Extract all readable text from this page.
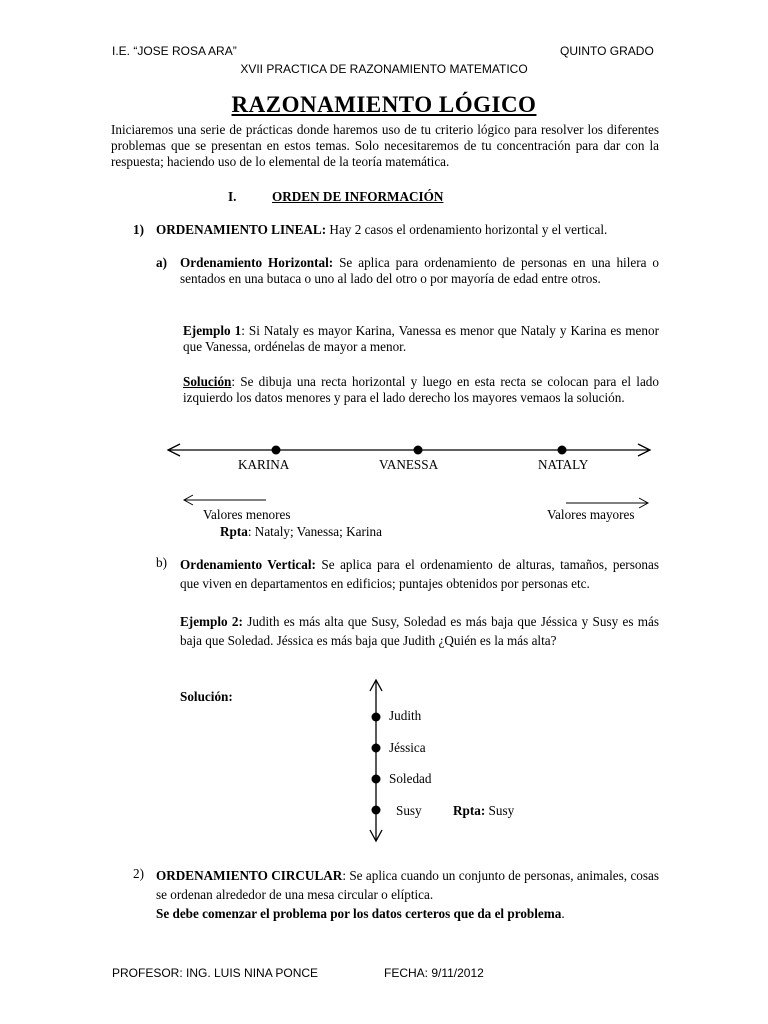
I.E. “JOSE ROSA ARA”	QUINTO GRADO
XVII PRACTICA DE RAZONAMIENTO MATEMATICO
RAZONAMIENTO LÓGICO
Iniciaremos una serie de prácticas donde haremos uso de tu criterio lógico para resolver los diferentes problemas que se presentan en estos temas. Solo necesitaremos de tu concentración para dar con la respuesta; haciendo uso de lo elemental de la teoría matemática.
I.	ORDEN DE INFORMACIÓN
1) ORDENAMIENTO LINEAL: Hay 2 casos el ordenamiento horizontal y el vertical.
a) Ordenamiento Horizontal: Se aplica para ordenamiento de personas en una hilera o sentados en una butaca o uno al lado del otro o por mayoría de edad entre otros.
Ejemplo 1: Si Nataly es mayor Karina, Vanessa es menor que Nataly y Karina es menor que Vanessa, ordénelas de mayor a menor.
Solución: Se dibuja una recta horizontal y luego en esta recta se colocan para el lado izquierdo los datos menores y para el lado derecho los mayores vemaos la solución.
KARINA	VANESSA	NATALY
Valores menores	Valores mayores
Rpta: Nataly; Vanessa; Karina
b) Ordenamiento Vertical: Se aplica para el ordenamiento de alturas, tamaños, personas que viven en departamentos en edificios; puntajes obtenidos por personas etc.
Ejemplo 2: Judith es más alta que Susy, Soledad es más baja que Jéssica y Susy es más baja que Soledad. Jéssica es más baja que Judith ¿Quién es la más alta?
Solución:
Judith
Jéssica
Soledad
Susy Rpta: Susy
2) ORDENAMIENTO CIRCULAR: Se aplica cuando un conjunto de personas, animales, cosas se ordenan alrededor de una mesa circular o elíptica.
Se debe comenzar el problema por los datos certeros que da el problema.
PROFESOR: ING. LUIS NINA PONCE	FECHA: 9/11/2012
